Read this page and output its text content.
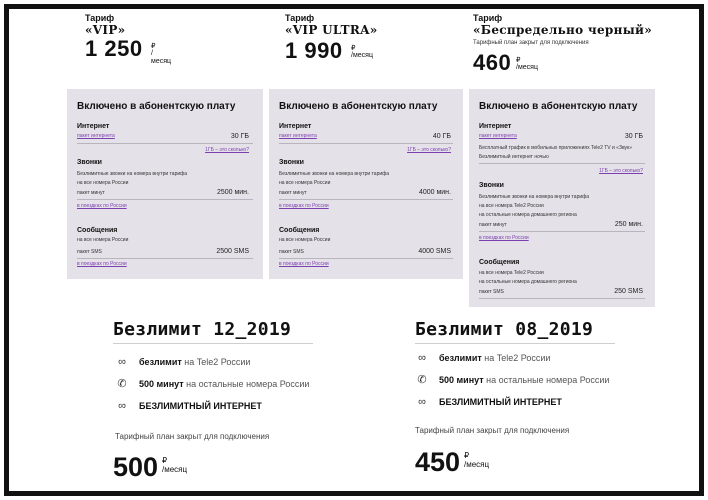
Тариф
«VIP»
1 250 ₽
/месяц
Тариф
«VIP ULTRA»
1 990 ₽
/месяц
Тариф
«Беспредельно черный»
Тарифный план закрыт для подключения
460 ₽
/месяц
Включено в абонентскую плату
Интернет
пакет интернета	30 ГБ
1ГБ – это сколько?
Звонки
Безлимитные звонки на номера внутри тарифа
на все номера России
пакет минут	2500 мин.
в поездках по России
Сообщения
на все номера России
пакет SMS	2500 SMS
в поездках по России
Включено в абонентскую плату
Интернет
пакет интернета	40 ГБ
1ГБ – это сколько?
Звонки
Безлимитные звонки на номера внутри тарифа
на все номера России
пакет минут	4000 мин.
в поездках по России
Сообщения
на все номера России
пакет SMS	4000 SMS
в поездках по России
Включено в абонентскую плату
Интернет
пакет интернета	30 ГБ
Бесплатный трафик в мобильных приложениях Tele2 TV и «Звук»
Безлимитный интернет ночью
1ГБ – это сколько?
Звонки
Безлимитные звонки на номера внутри тарифа
на все номера Tele2 России
на остальные номера домашнего региона
пакет минут	250 мин.
в поездках по России
Сообщения
на все номера Tele2 России
на остальные номера домашнего региона
пакет SMS	250 SMS
Безлимит 12_2019
∞	безлимит на Tele2 России
✆ 500 минут на остальные номера России
∞	БЕЗЛИМИТНЫЙ ИНТЕРНЕТ
Тарифный план закрыт для подключения
500 ₽
/месяц
Безлимит 08_2019
∞	безлимит на Tele2 России
✆ 500 минут на остальные номера России
∞	БЕЗЛИМИТНЫЙ ИНТЕРНЕТ
Тарифный план закрыт для подключения
450 ₽
/месяц
